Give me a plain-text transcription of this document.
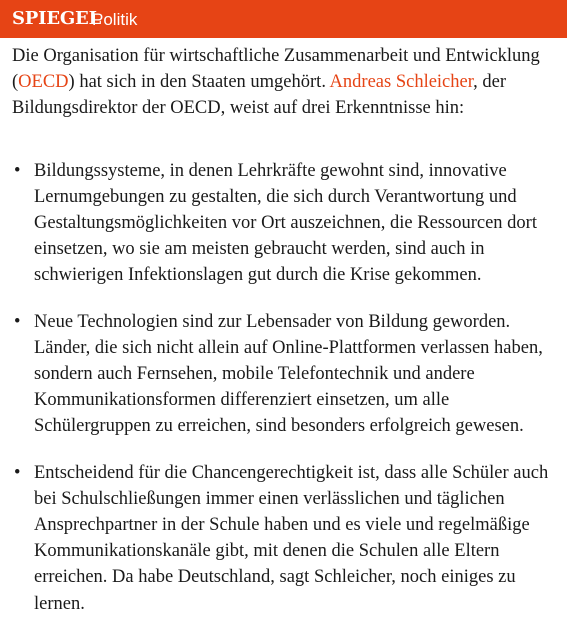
SPIEGEL
Politik

Die Organisation für wirtschaftliche Zusammenarbeit und Entwicklung (OECD) hat sich in den Staaten umgehört. Andreas Schleicher, der Bildungsdirektor der OECD, weist auf drei Erkenntnisse hin:

• Bildungssysteme, in denen Lehrkräfte gewohnt sind, innovative Lernumgebungen zu gestalten, die sich durch Verantwortung und Gestaltungsmöglichkeiten vor Ort auszeichnen, die Ressourcen dort einsetzen, wo sie am meisten gebraucht werden, sind auch in schwierigen Infektionslagen gut durch die Krise gekommen.
• Neue Technologien sind zur Lebensader von Bildung geworden. Länder, die sich nicht allein auf Online-Plattformen verlassen haben, sondern auch Fernsehen, mobile Telefontechnik und andere Kommunikationsformen differenziert einsetzen, um alle Schülergruppen zu erreichen, sind besonders erfolgreich gewesen.
• Entscheidend für die Chancengerechtigkeit ist, dass alle Schüler auch bei Schulschließungen immer einen verlässlichen und täglichen Ansprechpartner in der Schule haben und es viele und regelmäßige Kommunikationskanäle gibt, mit denen die Schulen alle Eltern erreichen. Da habe Deutschland, sagt Schleicher, noch einiges zu lernen.
